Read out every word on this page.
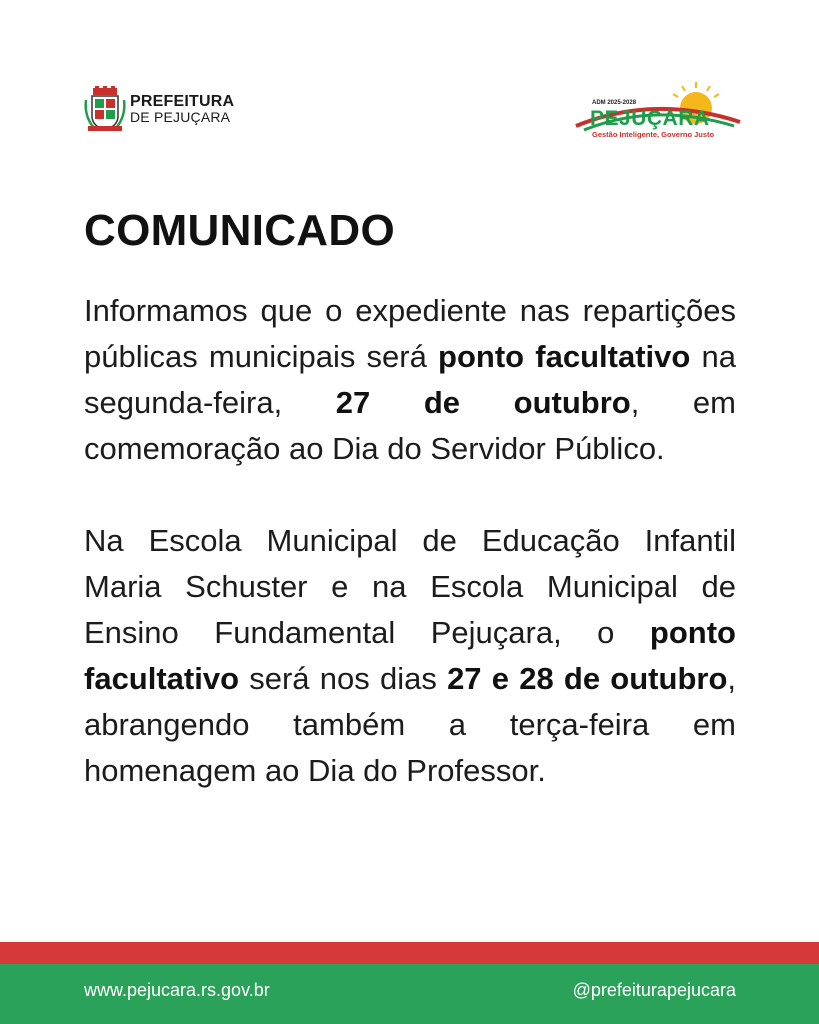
PREFEITURA
DE PEJUÇARA
ADM 2025-2028
PEJUÇARA
Gestão Inteligente, Governo Justo
COMUNICADO

Informamos que o expediente nas repartições públicas municipais será ponto facultativo na segunda-feira, 27 de outubro, em comemoração ao Dia do Servidor Público.

Na Escola Municipal de Educação Infantil Maria Schuster e na Escola Municipal de Ensino Fundamental Pejuçara, o ponto facultativo será nos dias 27 e 28 de outubro, abrangendo também a terça-feira em homenagem ao Dia do Professor.

www.pejucara.rs.gov.br	@prefeiturapejucara
